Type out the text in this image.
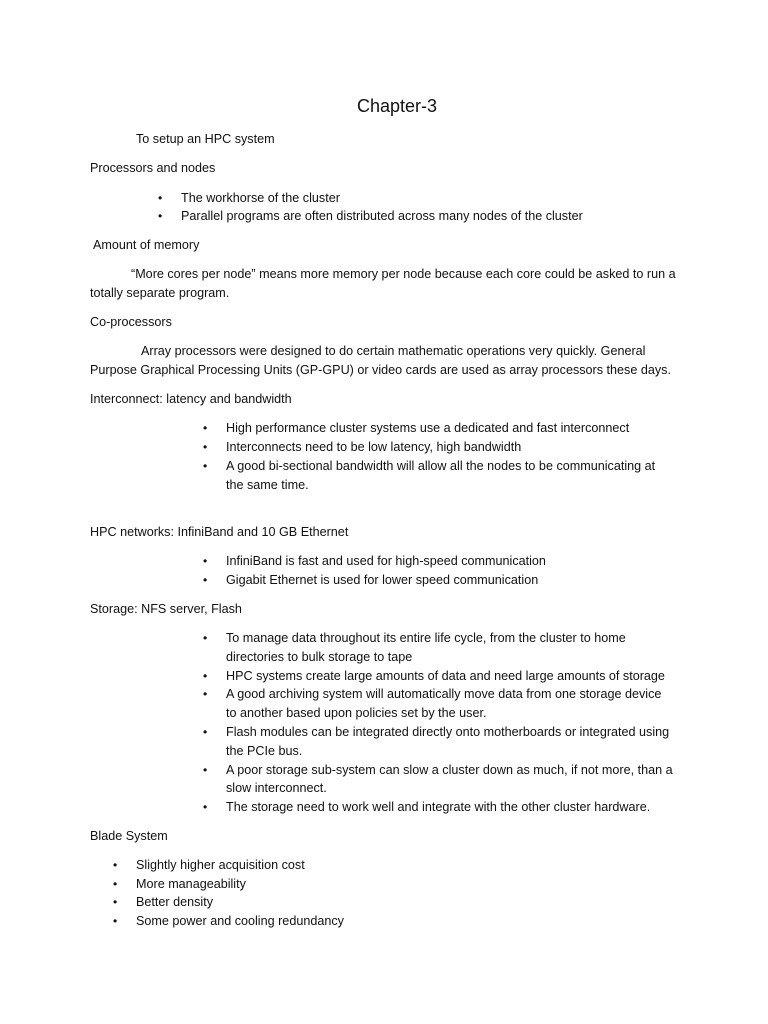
Chapter-3
To setup an HPC system
Processors and nodes
•
The workhorse of the cluster
•
Parallel programs are often distributed across many nodes of the cluster
Amount of memory
“More cores per node” means more memory per node because each core could be asked to run a
totally separate program.
Co-processors
Array processors were designed to do certain mathematic operations very quickly. General
Purpose Graphical Processing Units (GP-GPU) or video cards are used as array processors these days.
Interconnect: latency and bandwidth
•
High performance cluster systems use a dedicated and fast interconnect
•
Interconnects need to be low latency, high bandwidth
•
A good bi-sectional bandwidth will allow all the nodes to be communicating at
the same time.
HPC networks: InfiniBand and 10 GB Ethernet
•
InfiniBand is fast and used for high-speed communication
•
Gigabit Ethernet is used for lower speed communication
Storage: NFS server, Flash
•
To manage data throughout its entire life cycle, from the cluster to home
directories to bulk storage to tape
•
HPC systems create large amounts of data and need large amounts of storage
•
A good archiving system will automatically move data from one storage device
to another based upon policies set by the user.
•
Flash modules can be integrated directly onto motherboards or integrated using
the PCIe bus.
•
A poor storage sub-system can slow a cluster down as much, if not more, than a
slow interconnect.
•
The storage need to work well and integrate with the other cluster hardware.
Blade System
•
Slightly higher acquisition cost
•
More manageability
•
Better density
•
Some power and cooling redundancy
